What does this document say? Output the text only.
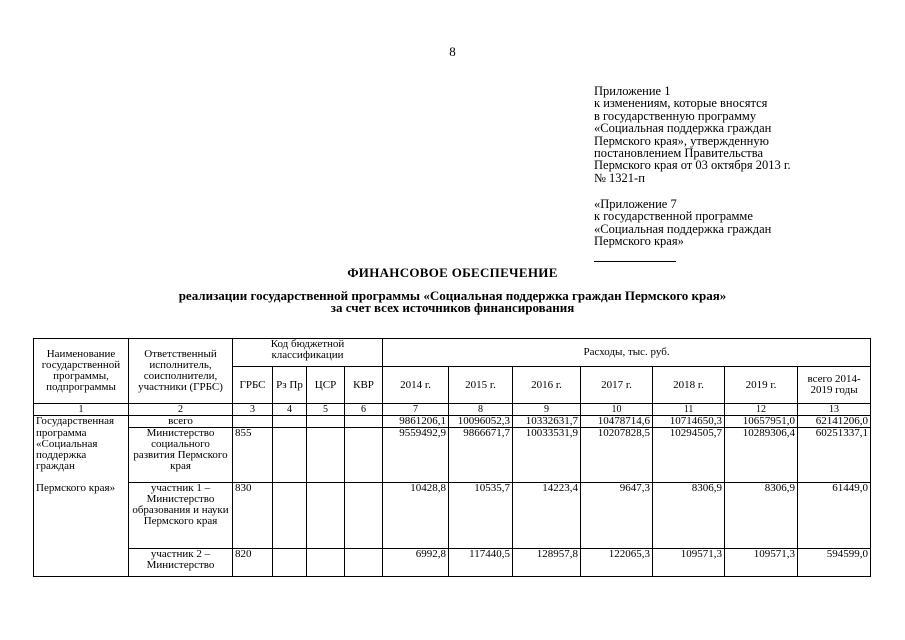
8
Приложение 1
к изменениям, которые вносятся
в государственную программу
«Социальная поддержка граждан
Пермского края», утвержденную
постановлением Правительства
Пермского края от 03 октября 2013 г.
№ 1321-п
«Приложение 7
к государственной программе
«Социальная поддержка граждан
Пермского края»
ФИНАНСОВОЕ ОБЕСПЕЧЕНИЕ
реализации государственной программы «Социальная поддержка граждан Пермского края»
за счет всех источников финансирования
Наименование государственной программы, подпрограммы	Ответственный исполнитель, соисполнители, участники (ГРБС)	Код бюджетной классификации				Расходы, тыс. руб.						
		ГРБС	Рз Пр	ЦСР	КВР	2014 г.	2015 г.	2016 г.	2017 г.	2018 г.	2019 г.	всего 2014-2019 годы
1	2	3	4	5	6	7	8	9	10	11	12	13
Государственная	всего					9861206,1	10096052,3	10332631,7	10478714,6	10714650,3	10657951,0	62141206,0

программа
«Социальная
поддержка
граждан	Министерство социального развития Пермского края	855				9559492,9	9866671,7	10033531,9	10207828,5	10294505,7	10289306,4	60251337,1
Пермского края»	участник 1 – Министерство образования и науки Пермского края	830				10428,8	10535,7	14223,4	9647,3	8306,9	8306,9	61449,0
	участник 2 – Министерство	820				6992,8	117440,5	128957,8	122065,3	109571,3	109571,3	594599,0
